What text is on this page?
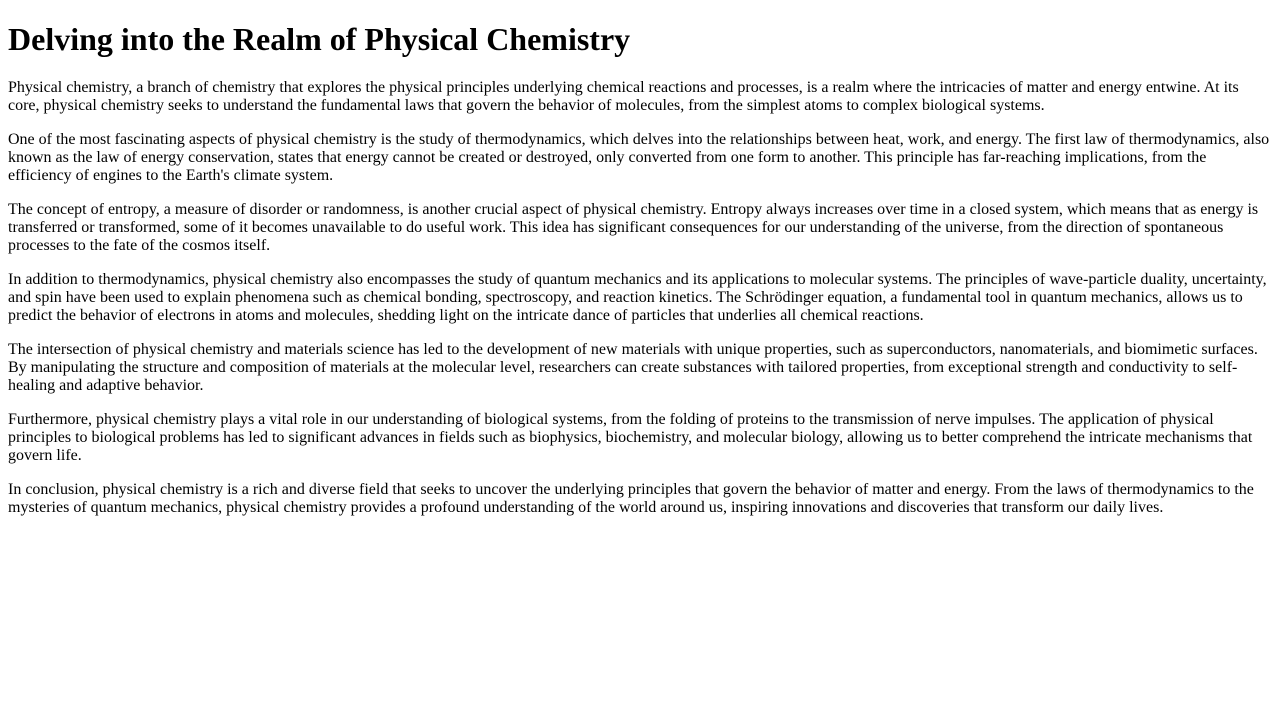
Delving into the Realm of Physical Chemistry

Physical chemistry, a branch of chemistry that explores the physical principles underlying chemical reactions and processes, is a realm where the intricacies of matter and energy entwine. At its core, physical chemistry seeks to understand the fundamental laws that govern the behavior of molecules, from the simplest atoms to complex biological systems.

One of the most fascinating aspects of physical chemistry is the study of thermodynamics, which delves into the relationships between heat, work, and energy. The first law of thermodynamics, also known as the law of energy conservation, states that energy cannot be created or destroyed, only converted from one form to another. This principle has far-reaching implications, from the efficiency of engines to the Earth's climate system.

The concept of entropy, a measure of disorder or randomness, is another crucial aspect of physical chemistry. Entropy always increases over time in a closed system, which means that as energy is transferred or transformed, some of it becomes unavailable to do useful work. This idea has significant consequences for our understanding of the universe, from the direction of spontaneous processes to the fate of the cosmos itself.

In addition to thermodynamics, physical chemistry also encompasses the study of quantum mechanics and its applications to molecular systems. The principles of wave-particle duality, uncertainty, and spin have been used to explain phenomena such as chemical bonding, spectroscopy, and reaction kinetics. The Schrödinger equation, a fundamental tool in quantum mechanics, allows us to predict the behavior of electrons in atoms and molecules, shedding light on the intricate dance of particles that underlies all chemical reactions.

The intersection of physical chemistry and materials science has led to the development of new materials with unique properties, such as superconductors, nanomaterials, and biomimetic surfaces. By manipulating the structure and composition of materials at the molecular level, researchers can create substances with tailored properties, from exceptional strength and conductivity to self-healing and adaptive behavior.

Furthermore, physical chemistry plays a vital role in our understanding of biological systems, from the folding of proteins to the transmission of nerve impulses. The application of physical principles to biological problems has led to significant advances in fields such as biophysics, biochemistry, and molecular biology, allowing us to better comprehend the intricate mechanisms that govern life.

In conclusion, physical chemistry is a rich and diverse field that seeks to uncover the underlying principles that govern the behavior of matter and energy. From the laws of thermodynamics to the mysteries of quantum mechanics, physical chemistry provides a profound understanding of the world around us, inspiring innovations and discoveries that transform our daily lives.
